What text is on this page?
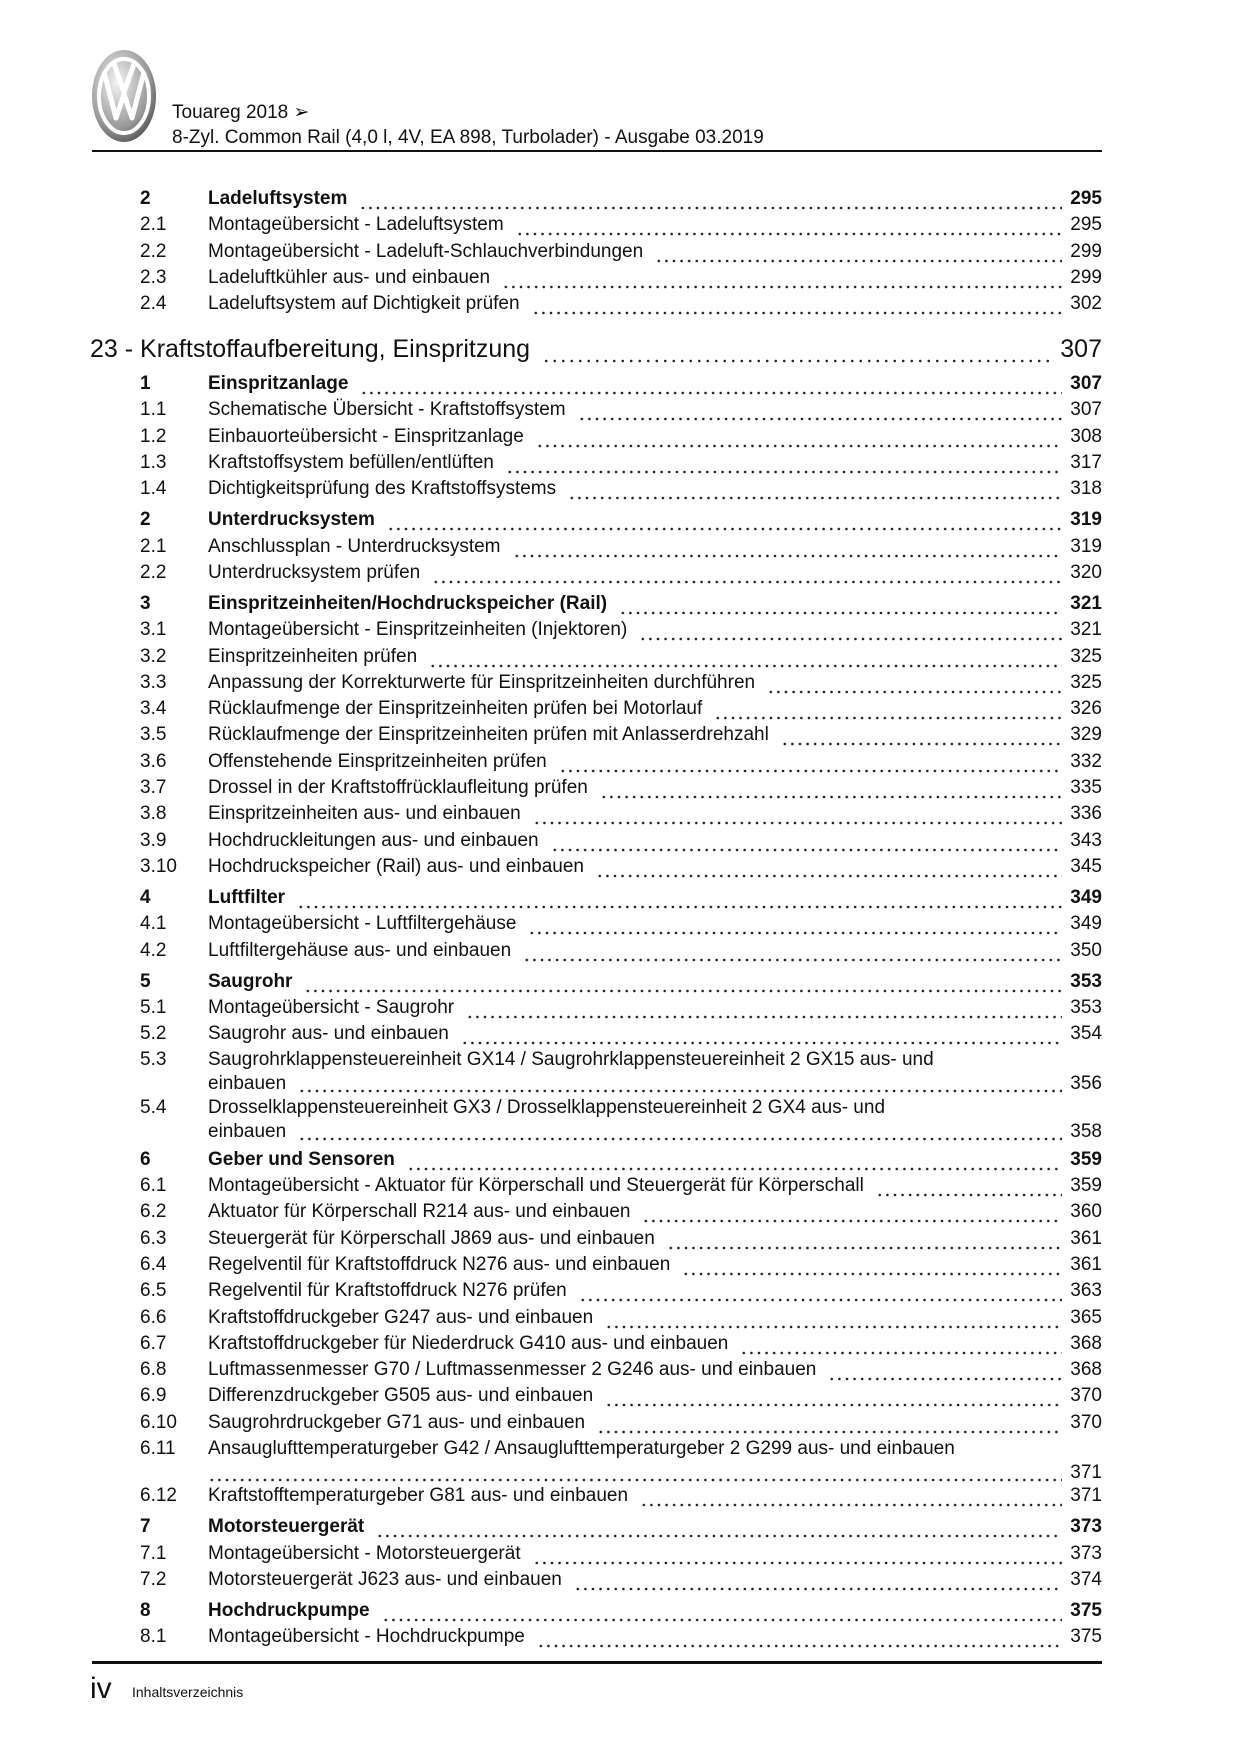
Touareg 2018 ➢
8-Zyl. Common Rail (4,0 l, 4V, EA 898, Turbolader) - Ausgabe 03.2019
2	Ladeluftsystem	295
2.1	Montageübersicht - Ladeluftsystem	295
2.2	Montageübersicht - Ladeluft-Schlauchverbindungen	299
2.3	Ladeluftkühler aus- und einbauen	299
2.4	Ladeluftsystem auf Dichtigkeit prüfen	302
23 - Kraftstoffaufbereitung, Einspritzung	307
1	Einspritzanlage	307
1.1	Schematische Übersicht - Kraftstoffsystem	307
1.2	Einbauorteübersicht - Einspritzanlage	308
1.3	Kraftstoffsystem befüllen/entlüften	317
1.4	Dichtigkeitsprüfung des Kraftstoffsystems	318
2	Unterdrucksystem	319
2.1	Anschlussplan - Unterdrucksystem	319
2.2	Unterdrucksystem prüfen	320
3	Einspritzeinheiten/Hochdruckspeicher (Rail)	321
3.1	Montageübersicht - Einspritzeinheiten (Injektoren)	321
3.2	Einspritzeinheiten prüfen	325
3.3	Anpassung der Korrekturwerte für Einspritzeinheiten durchführen	325
3.4	Rücklaufmenge der Einspritzeinheiten prüfen bei Motorlauf	326
3.5	Rücklaufmenge der Einspritzeinheiten prüfen mit Anlasserdrehzahl	329
3.6	Offenstehende Einspritzeinheiten prüfen	332
3.7	Drossel in der Kraftstoffrücklaufleitung prüfen	335
3.8	Einspritzeinheiten aus- und einbauen	336
3.9	Hochdruckleitungen aus- und einbauen	343
3.10	Hochdruckspeicher (Rail) aus- und einbauen	345
4	Luftfilter	349
4.1	Montageübersicht - Luftfiltergehäuse	349
4.2	Luftfiltergehäuse aus- und einbauen	350
5	Saugrohr	353
5.1	Montageübersicht - Saugrohr	353
5.2	Saugrohr aus- und einbauen	354
5.3	Saugrohrklappensteuereinheit GX14 / Saugrohrklappensteuereinheit 2 GX15 aus- und
einbauen	356
5.4	Drosselklappensteuereinheit GX3 / Drosselklappensteuereinheit 2 GX4 aus- und
einbauen	358
6	Geber und Sensoren	359
6.1	Montageübersicht - Aktuator für Körperschall und Steuergerät für Körperschall	359
6.2	Aktuator für Körperschall R214 aus- und einbauen	360
6.3	Steuergerät für Körperschall J869 aus- und einbauen	361
6.4	Regelventil für Kraftstoffdruck N276 aus- und einbauen	361
6.5	Regelventil für Kraftstoffdruck N276 prüfen	363
6.6	Kraftstoffdruckgeber G247 aus- und einbauen	365
6.7	Kraftstoffdruckgeber für Niederdruck G410 aus- und einbauen	368
6.8	Luftmassenmesser G70 / Luftmassenmesser 2 G246 aus- und einbauen	368
6.9	Differenzdruckgeber G505 aus- und einbauen	370
6.10	Saugrohrdruckgeber G71 aus- und einbauen	370
6.11	Ansauglufttemperaturgeber G42 / Ansauglufttemperaturgeber 2 G299 aus- und einbauen
371
6.12	Kraftstofftemperaturgeber G81 aus- und einbauen	371
7	Motorsteuergerät	373
7.1	Montageübersicht - Motorsteuergerät	373
7.2	Motorsteuergerät J623 aus- und einbauen	374
8	Hochdruckpumpe	375
8.1	Montageübersicht - Hochdruckpumpe	375
iv Inhaltsverzeichnis
